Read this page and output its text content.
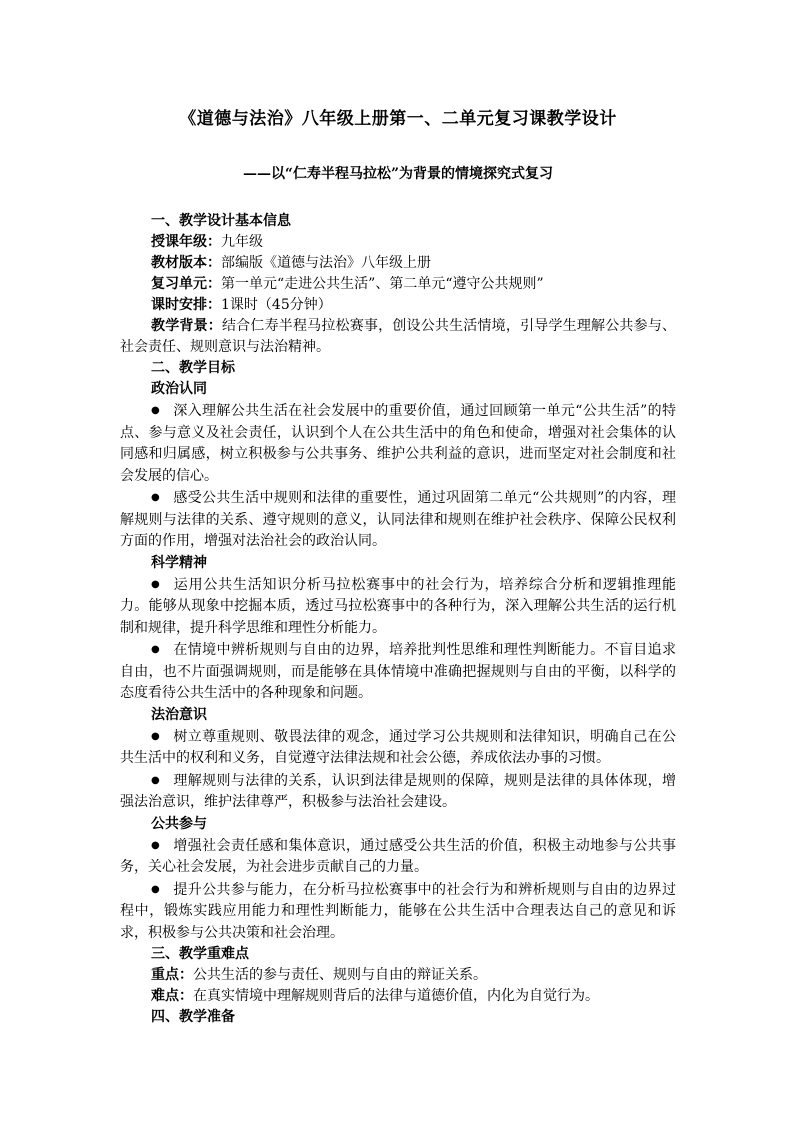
《道德与法治》八年级上册第一、二单元复习课教学设计
——以“仁寿半程马拉松”为背景的情境探究式复习
一、教学设计基本信息
授课年级：九年级
教材版本：部编版《道德与法治》八年级上册
复习单元：第一单元“走进公共生活”、第二单元“遵守公共规则”
课时安排：1课时（45分钟）

教学背景：结合仁寿半程马拉松赛事，创设公共生活情境，引导学生理解公共参与、社会责任、规则意识与法治精神。

二、教学目标
政治认同

● 深入理解公共生活在社会发展中的重要价值，通过回顾第一单元“公共生活”的特点、参与意义及社会责任，认识到个人在公共生活中的角色和使命，增强对社会集体的认同感和归属感，树立积极参与公共事务、维护公共利益的意识，进而坚定对社会制度和社会发展的信心。

● 感受公共生活中规则和法律的重要性，通过巩固第二单元“公共规则”的内容，理解规则与法律的关系、遵守规则的意义，认同法律和规则在维护社会秩序、保障公民权利方面的作用，增强对法治社会的政治认同。

科学精神

● 运用公共生活知识分析马拉松赛事中的社会行为，培养综合分析和逻辑推理能力。能够从现象中挖掘本质，透过马拉松赛事中的各种行为，深入理解公共生活的运行机制和规律，提升科学思维和理性分析能力。

● 在情境中辨析规则与自由的边界，培养批判性思维和理性判断能力。不盲目追求自由，也不片面强调规则，而是能够在具体情境中准确把握规则与自由的平衡，以科学的态度看待公共生活中的各种现象和问题。

法治意识

● 树立尊重规则、敬畏法律的观念，通过学习公共规则和法律知识，明确自己在公共生活中的权利和义务，自觉遵守法律法规和社会公德，养成依法办事的习惯。

● 理解规则与法律的关系，认识到法律是规则的保障，规则是法律的具体体现，增强法治意识，维护法律尊严，积极参与法治社会建设。

公共参与

● 增强社会责任感和集体意识，通过感受公共生活的价值，积极主动地参与公共事务，关心社会发展，为社会进步贡献自己的力量。

● 提升公共参与能力，在分析马拉松赛事中的社会行为和辨析规则与自由的边界过程中，锻炼实践应用能力和理性判断能力，能够在公共生活中合理表达自己的意见和诉求，积极参与公共决策和社会治理。

三、教学重难点
重点：公共生活的参与责任、规则与自由的辩证关系。
难点：在真实情境中理解规则背后的法律与道德价值，内化为自觉行为。
四、教学准备
